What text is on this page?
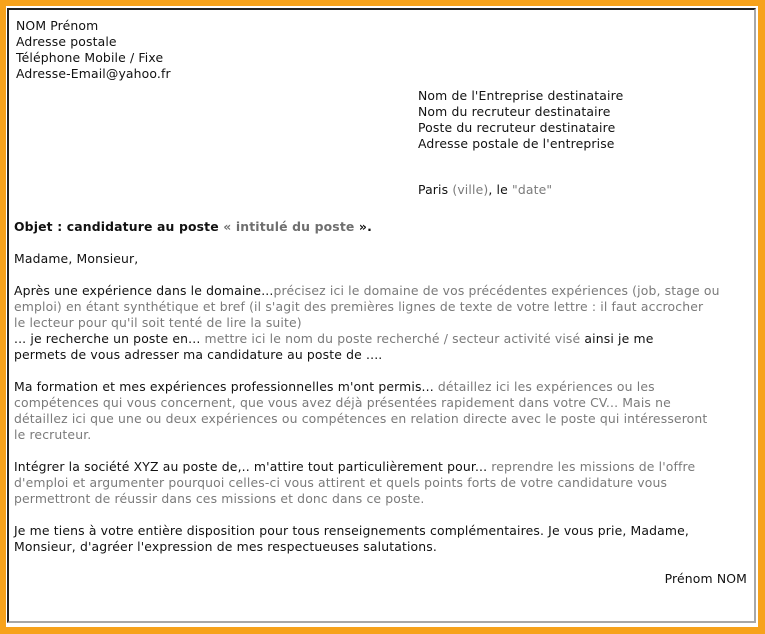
NOM Prénom
Adresse postale
Téléphone Mobile / Fixe
Adresse-Email@yahoo.fr
Nom de l'Entreprise destinataire
Nom du recruteur destinataire
Poste du recruteur destinataire
Adresse postale de l'entreprise
Paris (ville), le "date"
Objet : candidature au poste « intitulé du poste ».
Madame, Monsieur,
Après une expérience dans le domaine...précisez ici le domaine de vos précédentes expériences (job, stage ou
emploi) en étant synthétique et bref (il s'agit des premières lignes de texte de votre lettre : il faut accrocher
le lecteur pour qu'il soit tenté de lire la suite)
... je recherche un poste en... mettre ici le nom du poste recherché / secteur activité visé ainsi je me
permets de vous adresser ma candidature au poste de ....
Ma formation et mes expériences professionnelles m'ont permis... détaillez ici les expériences ou les
compétences qui vous concernent, que vous avez déjà présentées rapidement dans votre CV... Mais ne
détaillez ici que une ou deux expériences ou compétences en relation directe avec le poste qui intéresseront
le recruteur.
Intégrer la société XYZ au poste de,.. m'attire tout particulièrement pour... reprendre les missions de l'offre
d'emploi et argumenter pourquoi celles-ci vous attirent et quels points forts de votre candidature vous
permettront de réussir dans ces missions et donc dans ce poste.
Je me tiens à votre entière disposition pour tous renseignements complémentaires. Je vous prie, Madame,
Monsieur, d'agréer l'expression de mes respectueuses salutations.
Prénom NOM
